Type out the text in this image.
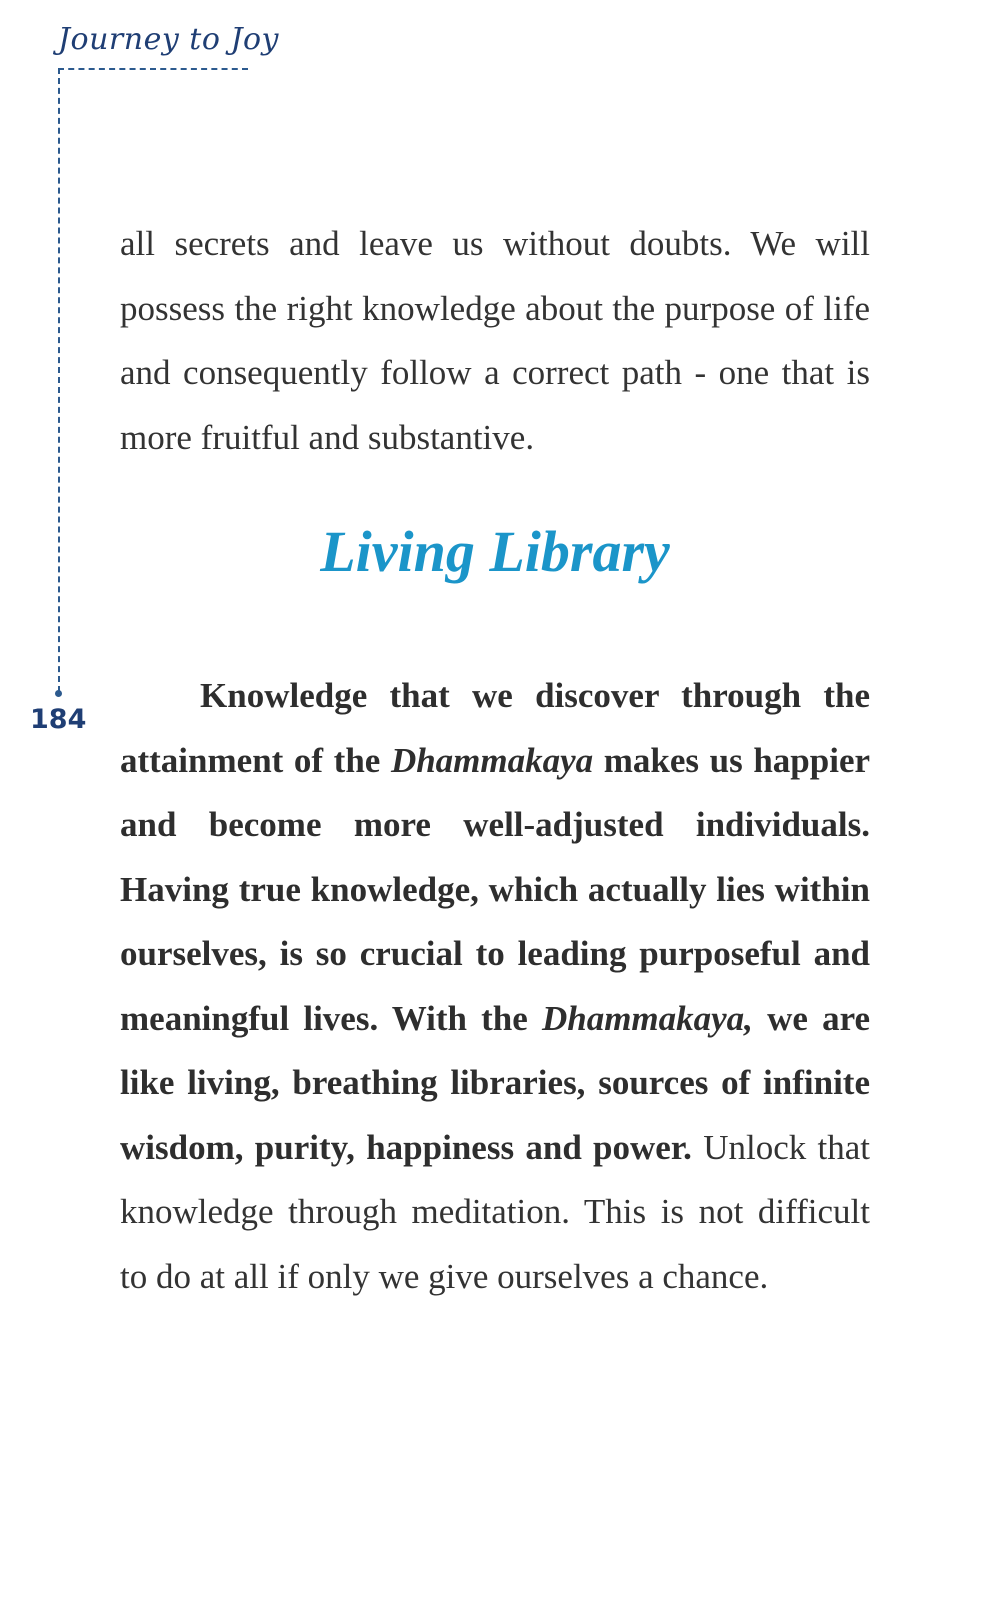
Journey to Joy
184

all secrets and leave us without doubts. We will possess the right knowledge about the purpose of life and consequently follow a correct path - one that is more fruitful and substantive.

Living Library

Knowledge that we discover through the attainment of the Dhammakaya makes us happier and become more well-adjusted individuals. Having true knowledge, which actually lies within ourselves, is so crucial to leading purposeful and meaningful lives. With the Dhammakaya, we are like living, breathing libraries, sources of infinite wisdom, purity, happiness and power. Unlock that knowledge through meditation. This is not difficult to do at all if only we give ourselves a chance.
